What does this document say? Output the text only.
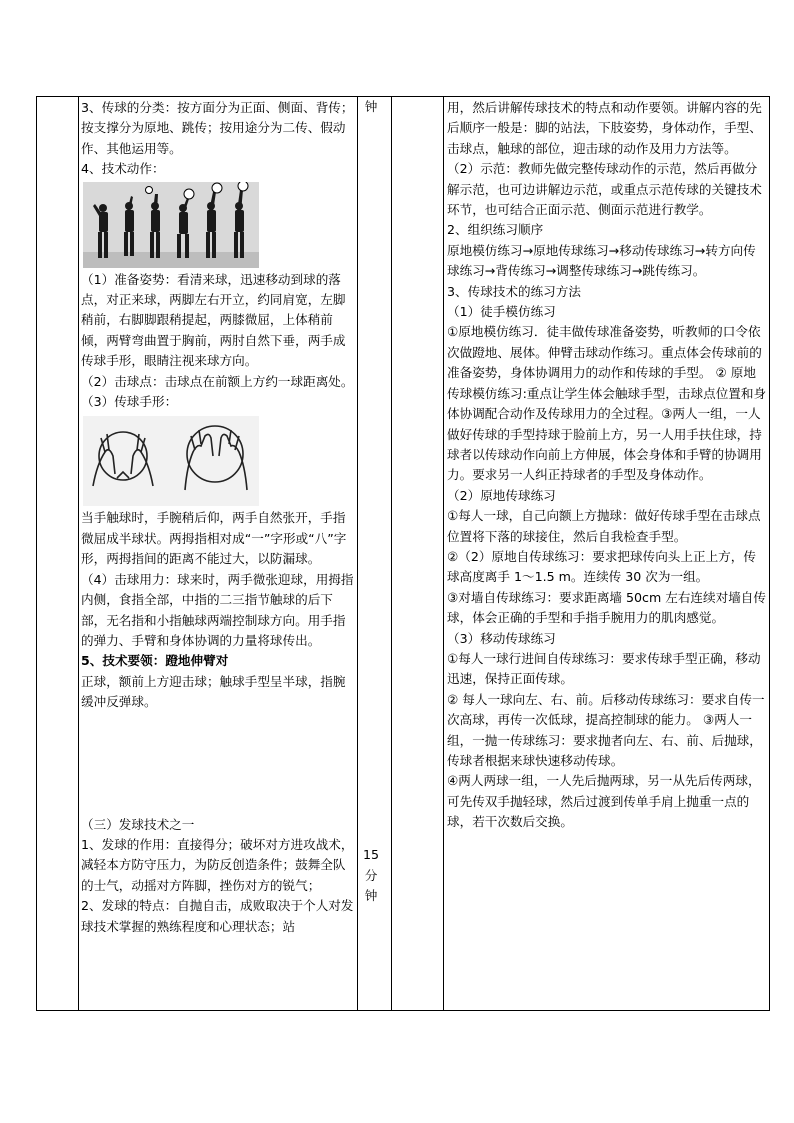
3、传球的分类：按方面分为正面、侧面、背传；按支撑分为原地、跳传；按用途分为二传、假动作、其他运用等。

4、技术动作：

（1）准备姿势：看清来球，迅速移动到球的落点，对正来球，两脚左右开立，约同肩宽，左脚稍前，右脚脚跟稍提起，两膝微屈，上体稍前倾，两臂弯曲置于胸前，两肘自然下垂，两手成传球手形，眼睛注视来球方向。

（2）击球点：击球点在前额上方约一球距离处。

（3）传球手形：

当手触球时，手腕稍后仰，两手自然张开，手指微屈成半球状。两拇指相对成“一”字形或“八”字形，两拇指间的距离不能过大，以防漏球。

（4）击球用力：球来时，两手微张迎球，用拇指内侧，食指全部，中指的二三指节触球的后下部，无名指和小指触球两端控制球方向。用手指的弹力、手臂和身体协调的力量将球传出。

5、技术要领：蹬地伸臂对

正球，额前上方迎击球；触球手型呈半球，指腕缓冲反弹球。

（三）发球技术之一

1、发球的作用：直接得分；破坏对方进攻战术，减轻本方防守压力，为防反创造条件；鼓舞全队的士气，动摇对方阵脚，挫伤对方的锐气；

2、发球的特点：自抛自击，成败取决于个人对发球技术掌握的熟练程度和心理状态；站

钟
15
分
钟

用，然后讲解传球技术的特点和动作要领。讲解内容的先后顺序一般是：脚的站法，下肢姿势，身体动作，手型、击球点，触球的部位，迎击球的动作及用力方法等。

（2）示范：教师先做完整传球动作的示范，然后再做分解示范，也可边讲解边示范，或重点示范传球的关键技术环节，也可结合正面示范、侧面示范进行教学。

2、组织练习顺序

原地模仿练习→原地传球练习→移动传球练习→转方向传球练习→背传练习→调整传球练习→跳传练习。

3、传球技术的练习方法

（1）徒手模仿练习

①原地模仿练习．徒丰做传球准备姿势，听教师的口令依次做蹬地、展体。伸臂击球动作练习。重点体会传球前的准备姿势，身体协调用力的动作和传球的手型。 ② 原地传球模仿练习:重点让学生体会触球手型，击球点位置和身体协调配合动作及传球用力的全过程。③两人一组，一人做好传球的手型持球于脸前上方，另一人用手扶住球，持球者以传球动作向前上方伸展，体会身体和手臂的协调用力。要求另一人纠正持球者的手型及身体动作。

（2）原地传球练习

①每人一球，自己向额上方抛球：做好传球手型在击球点位置将下落的球接住，然后自我检查手型。

②（2）原地自传球练习：要求把球传向头上正上方，传球高度离手 1～1.5 m。连续传 30 次为一组。

③对墙自传球练习：要求距离墙 50cm 左右连续对墙自传球，体会正确的手型和手指手腕用力的肌肉感觉。

（3）移动传球练习

①每人一球行进间自传球练习：要求传球手型正确，移动迅速，保持正面传球。

② 每人一球向左、右、前。后移动传球练习：要求自传一次高球，再传一次低球，提高控制球的能力。 ③两人一组，一抛一传球练习：要求抛者向左、右、前、后抛球，传球者根据来球快速移动传球。

④两人两球一组，一人先后抛两球，另一从先后传两球，可先传双手抛轻球，然后过渡到传单手肩上抛重一点的球，若干次数后交换。
